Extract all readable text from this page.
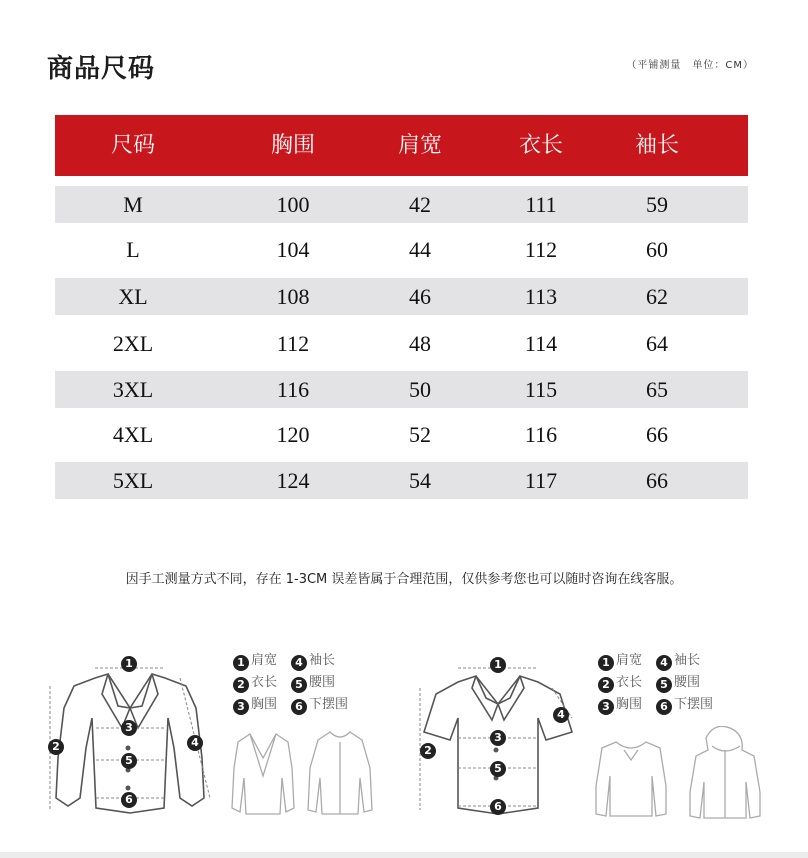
商品尺码	（平铺测量　单位：CM）
尺码	胸围	肩宽	衣长	袖长
M	100	42	111	59
L	104	44	112	60
XL	108	46	113	62
2XL	112	48	114	64
3XL	116	50	115	65
4XL	120	52	116	66
5XL	124	54	117	66
因手工测量方式不同，存在 1-3CM 误差皆属于合理范围，仅供参考您也可以随时咨询在线客服。
1
2
3
4
5
6
1 肩宽 4 袖长
2 衣长 5 腰围
3 胸围 6 下摆围
1
2
3
4
5
6
1 肩宽 4 袖长
2 衣长 5 腰围
3 胸围 6 下摆围
